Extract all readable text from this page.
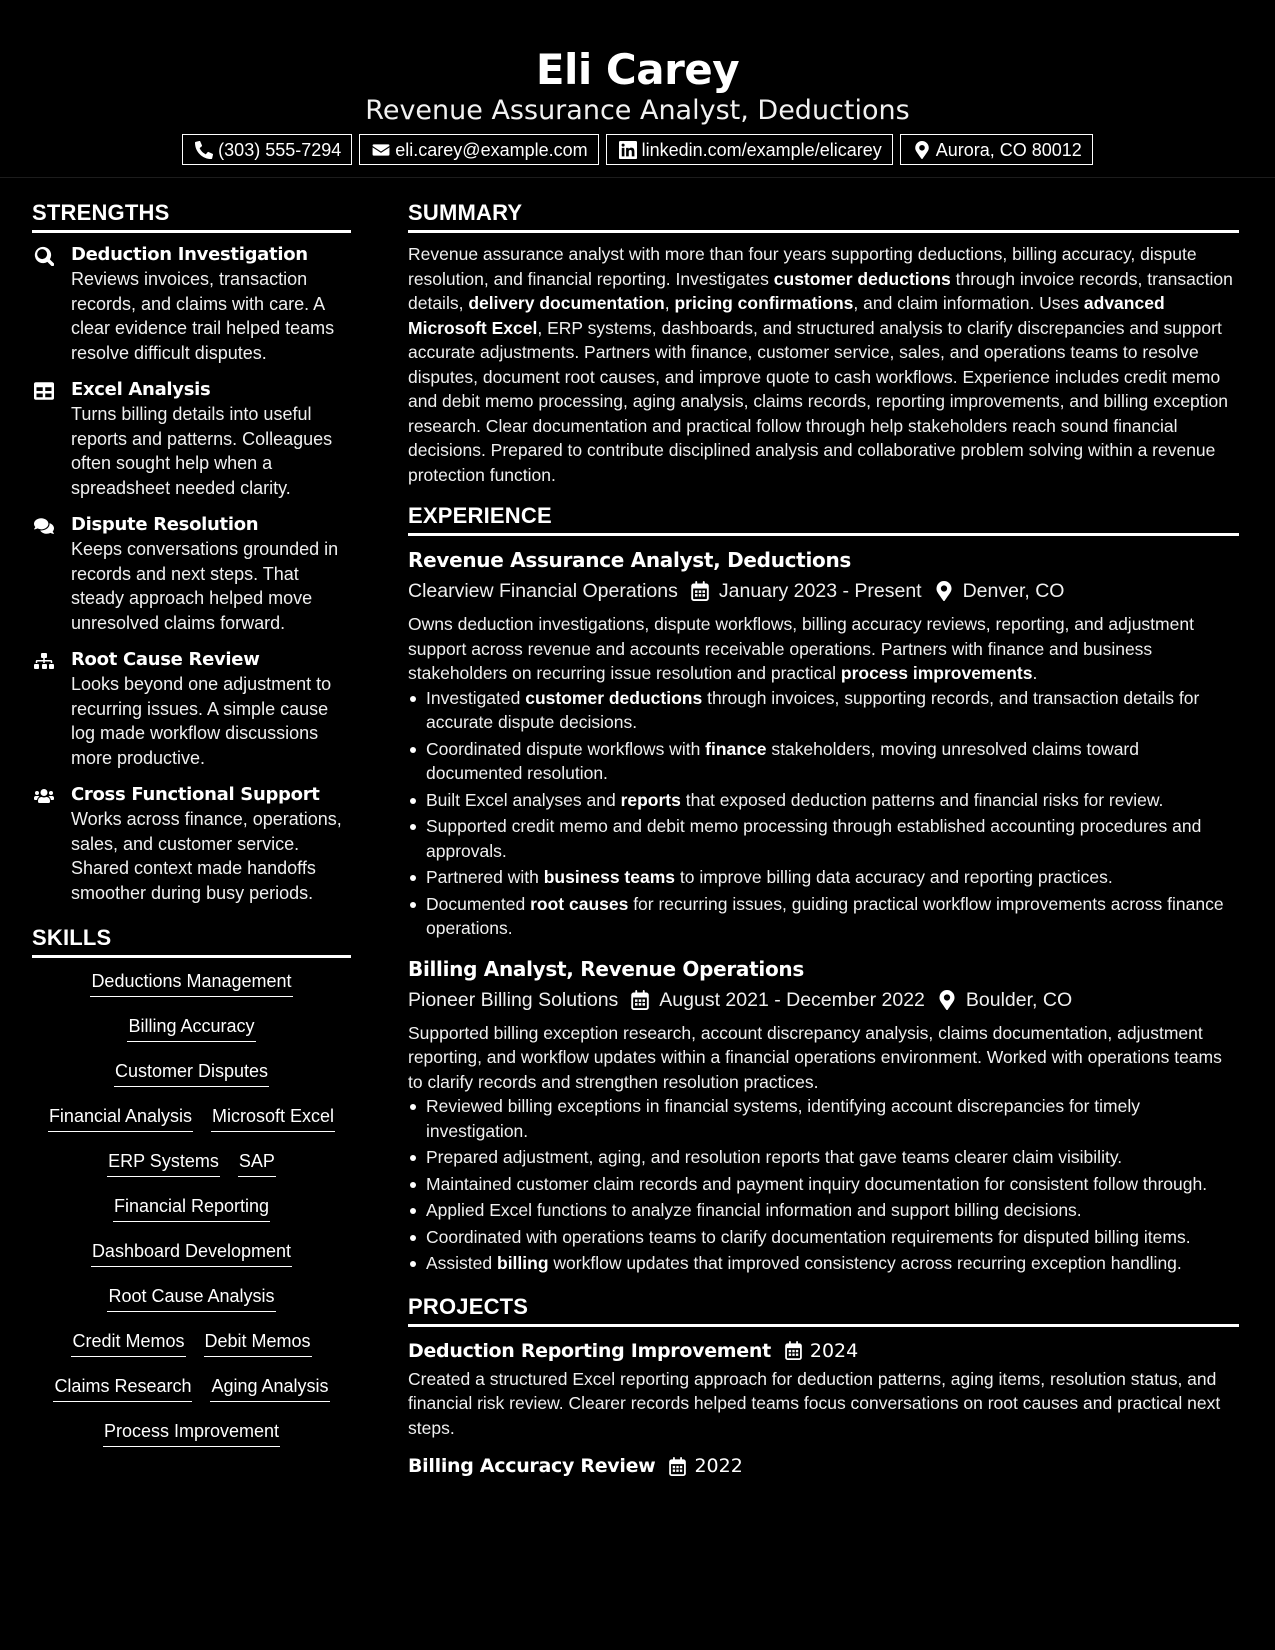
Eli Carey
Revenue Assurance Analyst, Deductions
(303) 555-7294	eli.carey@example.com	linkedin.com/example/elicarey	Aurora, CO 80012
STRENGTHS
Deduction Investigation
Reviews invoices, transaction records, and claims with care. A clear evidence trail helped teams resolve difficult disputes.
Excel Analysis
Turns billing details into useful reports and patterns. Colleagues often sought help when a spreadsheet needed clarity.
Dispute Resolution
Keeps conversations grounded in records and next steps. That steady approach helped move unresolved claims forward.
Root Cause Review
Looks beyond one adjustment to recurring issues. A simple cause log made workflow discussions more productive.
Cross Functional Support
Works across finance, operations, sales, and customer service. Shared context made handoffs smoother during busy periods.
SKILLS
Deductions Management
Billing Accuracy
Customer Disputes
Financial Analysis Microsoft Excel
ERP Systems SAP
Financial Reporting
Dashboard Development
Root Cause Analysis
Credit Memos Debit Memos
Claims Research Aging Analysis
Process Improvement
SUMMARY
Revenue assurance analyst with more than four years supporting deductions, billing accuracy, dispute resolution, and financial reporting. Investigates customer deductions through invoice records, transaction details, delivery documentation, pricing confirmations, and claim information. Uses advanced Microsoft Excel, ERP systems, dashboards, and structured analysis to clarify discrepancies and support accurate adjustments. Partners with finance, customer service, sales, and operations teams to resolve disputes, document root causes, and improve quote to cash workflows. Experience includes credit memo and debit memo processing, aging analysis, claims records, reporting improvements, and billing exception research. Clear documentation and practical follow through help stakeholders reach sound financial decisions. Prepared to contribute disciplined analysis and collaborative problem solving within a revenue protection function.
EXPERIENCE
Revenue Assurance Analyst, Deductions
Clearview Financial Operations January 2023 - Present Denver, CO
Owns deduction investigations, dispute workflows, billing accuracy reviews, reporting, and adjustment support across revenue and accounts receivable operations. Partners with finance and business stakeholders on recurring issue resolution and practical process improvements.
Investigated customer deductions through invoices, supporting records, and transaction details for accurate dispute decisions.
Coordinated dispute workflows with finance stakeholders, moving unresolved claims toward documented resolution.
Built Excel analyses and reports that exposed deduction patterns and financial risks for review.
Supported credit memo and debit memo processing through established accounting procedures and approvals.
Partnered with business teams to improve billing data accuracy and reporting practices.
Documented root causes for recurring issues, guiding practical workflow improvements across finance operations.
Billing Analyst, Revenue Operations
Pioneer Billing Solutions August 2021 - December 2022 Boulder, CO
Supported billing exception research, account discrepancy analysis, claims documentation, adjustment reporting, and workflow updates within a financial operations environment. Worked with operations teams to clarify records and strengthen resolution practices.
Reviewed billing exceptions in financial systems, identifying account discrepancies for timely investigation.
Prepared adjustment, aging, and resolution reports that gave teams clearer claim visibility.
Maintained customer claim records and payment inquiry documentation for consistent follow through.
Applied Excel functions to analyze financial information and support billing decisions.
Coordinated with operations teams to clarify documentation requirements for disputed billing items.
Assisted billing workflow updates that improved consistency across recurring exception handling.
PROJECTS
Deduction Reporting Improvement 2024
Created a structured Excel reporting approach for deduction patterns, aging items, resolution status, and financial risk review. Clearer records helped teams focus conversations on root causes and practical next steps.
Billing Accuracy Review 2022
